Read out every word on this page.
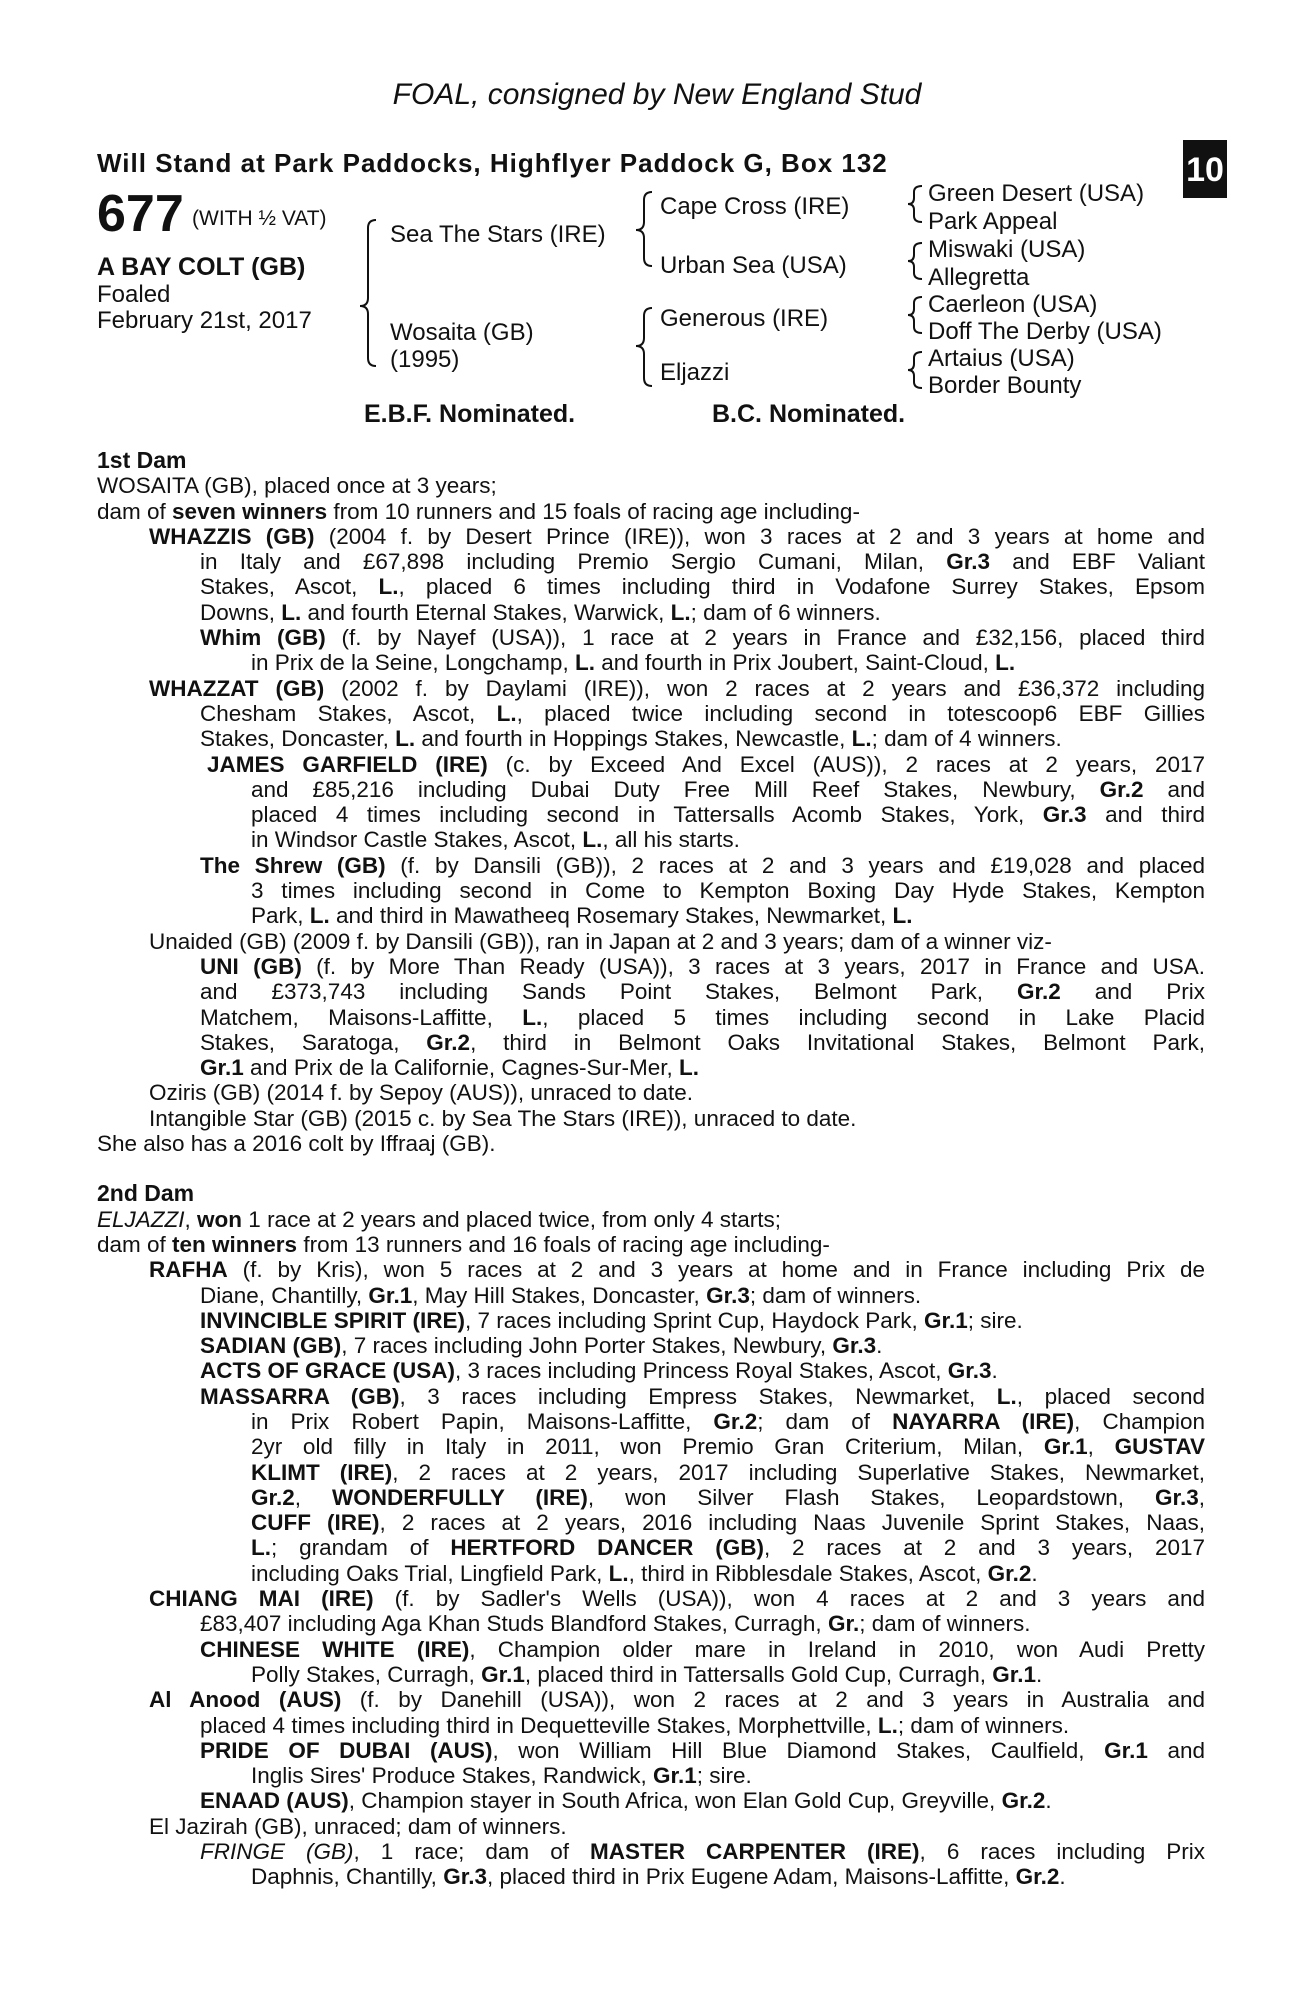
FOAL, consigned by New England Stud
Will Stand at Park Paddocks, Highflyer Paddock G, Box 132
+
10
677 (WITH ½ VAT)
A BAY COLT (GB)
Foaled
February 21st, 2017
Sea The Stars (IRE)
Wosaita (GB)
(1995)
Cape Cross (IRE)
Urban Sea (USA)
Generous (IRE)
Eljazzi
Green Desert (USA)
Park Appeal
Miswaki (USA)
Allegretta
Caerleon (USA)
Doff The Derby (USA)
Artaius (USA)
Border Bounty
E.B.F. Nominated.	B.C. Nominated.
1st Dam
WOSAITA (GB), placed once at 3 years;
dam of seven winners from 10 runners and 15 foals of racing age including-
WHAZZIS (GB) (2004 f. by Desert Prince (IRE)), won 3 races at 2 and 3 years at home and
in Italy and £67,898 including Premio Sergio Cumani, Milan, Gr.3 and EBF Valiant
Stakes, Ascot, L., placed 6 times including third in Vodafone Surrey Stakes, Epsom
Downs, L. and fourth Eternal Stakes, Warwick, L.; dam of 6 winners.
Whim (GB) (f. by Nayef (USA)), 1 race at 2 years in France and £32,156, placed third
in Prix de la Seine, Longchamp, L. and fourth in Prix Joubert, Saint-Cloud, L.
WHAZZAT (GB) (2002 f. by Daylami (IRE)), won 2 races at 2 years and £36,372 including
Chesham Stakes, Ascot, L., placed twice including second in totescoop6 EBF Gillies
Stakes, Doncaster, L. and fourth in Hoppings Stakes, Newcastle, L.; dam of 4 winners.
JAMES GARFIELD (IRE) (c. by Exceed And Excel (AUS)), 2 races at 2 years, 2017
and £85,216 including Dubai Duty Free Mill Reef Stakes, Newbury, Gr.2 and
placed 4 times including second in Tattersalls Acomb Stakes, York, Gr.3 and third
in Windsor Castle Stakes, Ascot, L., all his starts.
The Shrew (GB) (f. by Dansili (GB)), 2 races at 2 and 3 years and £19,028 and placed
3 times including second in Come to Kempton Boxing Day Hyde Stakes, Kempton
Park, L. and third in Mawatheeq Rosemary Stakes, Newmarket, L.
Unaided (GB) (2009 f. by Dansili (GB)), ran in Japan at 2 and 3 years; dam of a winner viz-
UNI (GB) (f. by More Than Ready (USA)), 3 races at 3 years, 2017 in France and USA.
and £373,743 including Sands Point Stakes, Belmont Park, Gr.2 and Prix
Matchem, Maisons-Laffitte, L., placed 5 times including second in Lake Placid
Stakes, Saratoga, Gr.2, third in Belmont Oaks Invitational Stakes, Belmont Park,
Gr.1 and Prix de la Californie, Cagnes-Sur-Mer, L.
Oziris (GB) (2014 f. by Sepoy (AUS)), unraced to date.
Intangible Star (GB) (2015 c. by Sea The Stars (IRE)), unraced to date.
She also has a 2016 colt by Iffraaj (GB).
2nd Dam
ELJAZZI, won 1 race at 2 years and placed twice, from only 4 starts;
dam of ten winners from 13 runners and 16 foals of racing age including-
RAFHA (f. by Kris), won 5 races at 2 and 3 years at home and in France including Prix de
Diane, Chantilly, Gr.1, May Hill Stakes, Doncaster, Gr.3; dam of winners.
INVINCIBLE SPIRIT (IRE), 7 races including Sprint Cup, Haydock Park, Gr.1; sire.
SADIAN (GB), 7 races including John Porter Stakes, Newbury, Gr.3.
ACTS OF GRACE (USA), 3 races including Princess Royal Stakes, Ascot, Gr.3.
MASSARRA (GB), 3 races including Empress Stakes, Newmarket, L., placed second
in Prix Robert Papin, Maisons-Laffitte, Gr.2; dam of NAYARRA (IRE), Champion
2yr old filly in Italy in 2011, won Premio Gran Criterium, Milan, Gr.1, GUSTAV
KLIMT (IRE), 2 races at 2 years, 2017 including Superlative Stakes, Newmarket,
Gr.2, WONDERFULLY (IRE), won Silver Flash Stakes, Leopardstown, Gr.3,
CUFF (IRE), 2 races at 2 years, 2016 including Naas Juvenile Sprint Stakes, Naas,
L.; grandam of HERTFORD DANCER (GB), 2 races at 2 and 3 years, 2017
including Oaks Trial, Lingfield Park, L., third in Ribblesdale Stakes, Ascot, Gr.2.
CHIANG MAI (IRE) (f. by Sadler's Wells (USA)), won 4 races at 2 and 3 years and
£83,407 including Aga Khan Studs Blandford Stakes, Curragh, Gr.; dam of winners.
CHINESE WHITE (IRE), Champion older mare in Ireland in 2010, won Audi Pretty
Polly Stakes, Curragh, Gr.1, placed third in Tattersalls Gold Cup, Curragh, Gr.1.
Al Anood (AUS) (f. by Danehill (USA)), won 2 races at 2 and 3 years in Australia and
placed 4 times including third in Dequetteville Stakes, Morphettville, L.; dam of winners.
PRIDE OF DUBAI (AUS), won William Hill Blue Diamond Stakes, Caulfield, Gr.1 and
Inglis Sires' Produce Stakes, Randwick, Gr.1; sire.
ENAAD (AUS), Champion stayer in South Africa, won Elan Gold Cup, Greyville, Gr.2.
El Jazirah (GB), unraced; dam of winners.
FRINGE (GB), 1 race; dam of MASTER CARPENTER (IRE), 6 races including Prix
Daphnis, Chantilly, Gr.3, placed third in Prix Eugene Adam, Maisons-Laffitte, Gr.2.
